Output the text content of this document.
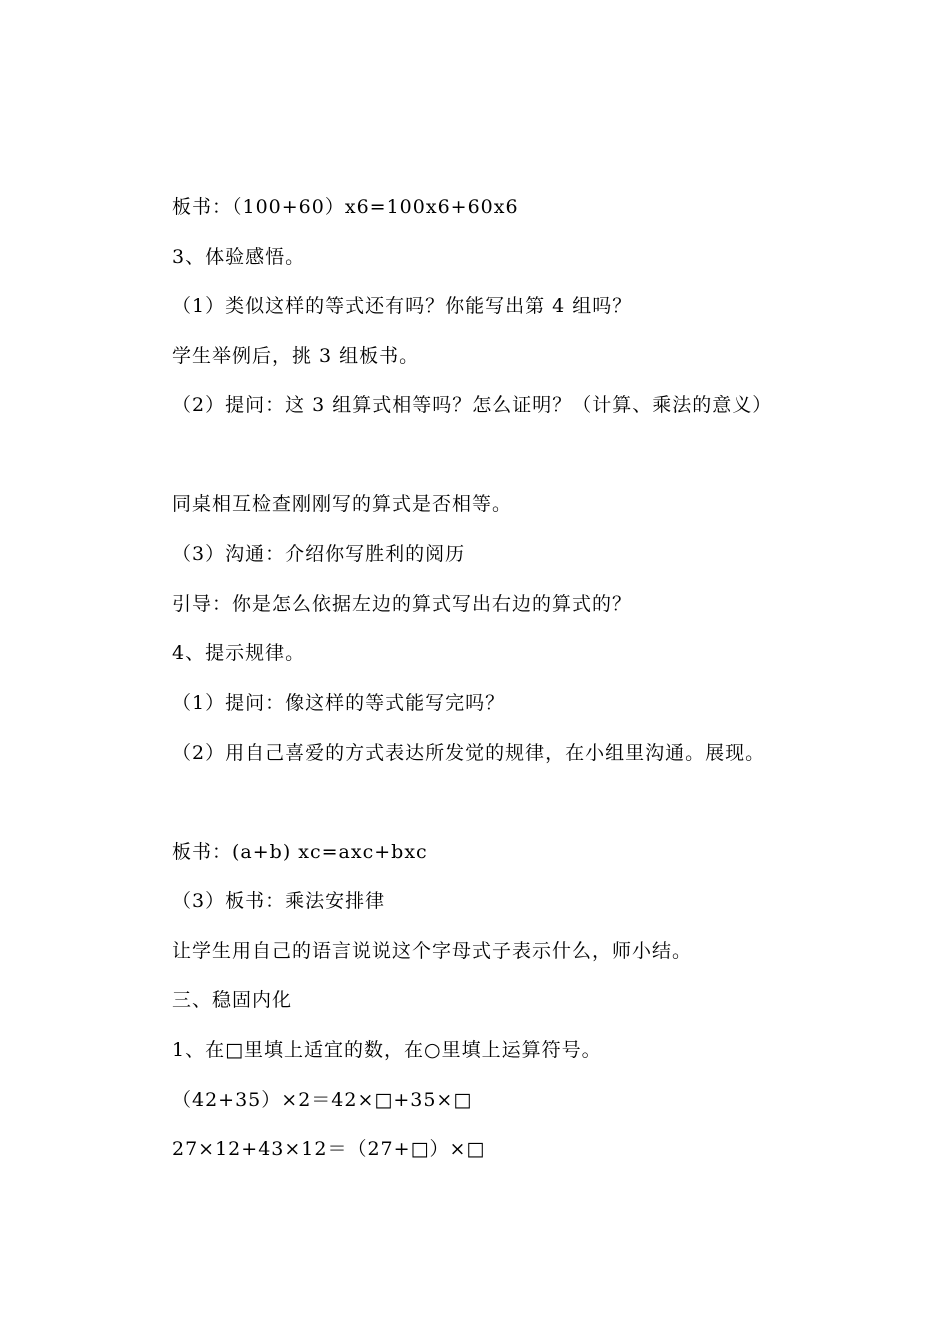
板书：（100+60）x6=100x6+60x6
3、体验感悟。
（1）类似这样的等式还有吗？你能写出第 4 组吗？
学生举例后，挑 3 组板书。
（2）提问：这 3 组算式相等吗？怎么证明？（计算、乘法的意义）
同桌相互检查刚刚写的算式是否相等。
（3）沟通：介绍你写胜利的阅历
引导：你是怎么依据左边的算式写出右边的算式的？
4、提示规律。
（1）提问：像这样的等式能写完吗？
（2）用自己喜爱的方式表达所发觉的规律，在小组里沟通。展现。
板书：(a+b) xc=axc+bxc
（3）板书：乘法安排律
让学生用自己的语言说说这个字母式子表示什么，师小结。
三、稳固内化
1、在□里填上适宜的数，在○里填上运算符号。
（42+35）×2＝42×□+35×□
27×12+43×12＝（27+□）×□
